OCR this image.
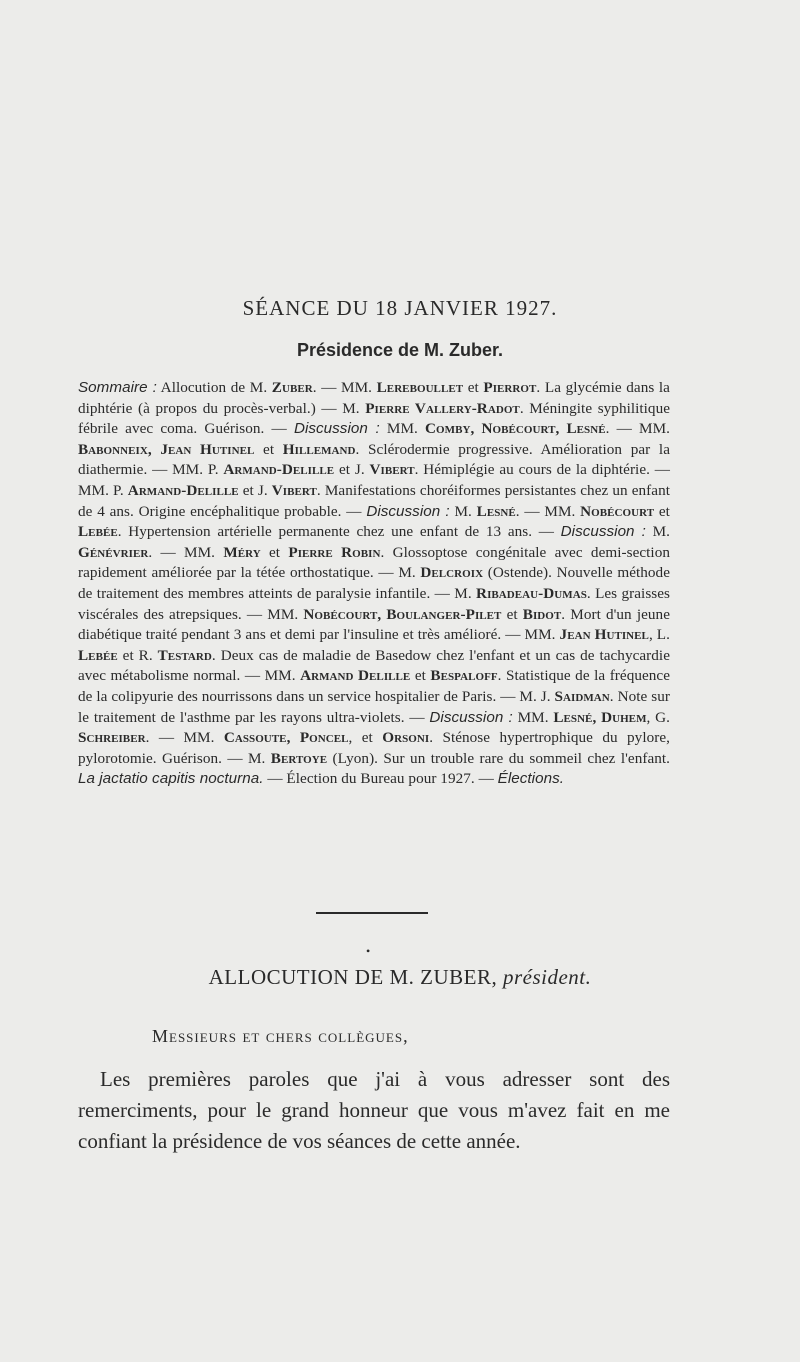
SÉANCE DU 18 JANVIER 1927.
Présidence de M. Zuber.
Sommaire : Allocution de M. Zuber. — MM. Lereboullet et Pierrot. La glycémie dans la diphtérie (à propos du procès-verbal.) — M. Pierre Vallery-Radot. Méningite syphilitique fébrile avec coma. Guérison. — Discussion : MM. Comby, Nobécourt, Lesné. — MM. Babonneix, Jean Hutinel et Hillemand. Sclérodermie progressive. Amélioration par la diathermie. — MM. P. Armand-Delille et J. Vibert. Hémiplégie au cours de la diphtérie. — MM. P. Armand-Delille et J. Vibert. Manifestations choréiformes persistantes chez un enfant de 4 ans. Origine encéphalitique probable. — Discussion : M. Lesné. — MM. Nobécourt et Lebée. Hypertension artérielle permanente chez une enfant de 13 ans. — Discussion : M. Génévrier. — MM. Méry et Pierre Robin. Glossoptose congénitale avec demi-section rapidement améliorée par la tétée orthostatique. — M. Delcroix (Ostende). Nouvelle méthode de traitement des membres atteints de paralysie infantile. — M. Ribadeau-Dumas. Les graisses viscérales des atrepsiques. — MM. Nobécourt, Boulanger-Pilet et Bidot. Mort d'un jeune diabétique traité pendant 3 ans et demi par l'insuline et très amélioré. — MM. Jean Hutinel, L. Lebée et R. Testard. Deux cas de maladie de Basedow chez l'enfant et un cas de tachycardie avec métabolisme normal. — MM. Armand Delille et Bespaloff. Statistique de la fréquence de la colipyurie des nourrissons dans un service hospitalier de Paris. — M. J. Saidman. Note sur le traitement de l'asthme par les rayons ultra-violets. — Discussion : MM. Lesné, Duhem, G. Schreiber. — MM. Cassoute, Poncel, et Orsoni. Sténose hypertrophique du pylore, pylorotomie. Guérison. — M. Bertoye (Lyon). Sur un trouble rare du sommeil chez l'enfant. La jactatio capitis nocturna. — Élection du Bureau pour 1927. — Élections.
•
ALLOCUTION DE M. ZUBER, président.
Messieurs et chers collègues,
Les premières paroles que j'ai à vous adresser sont des remerciments, pour le grand honneur que vous m'avez fait en me confiant la présidence de vos séances de cette année.
